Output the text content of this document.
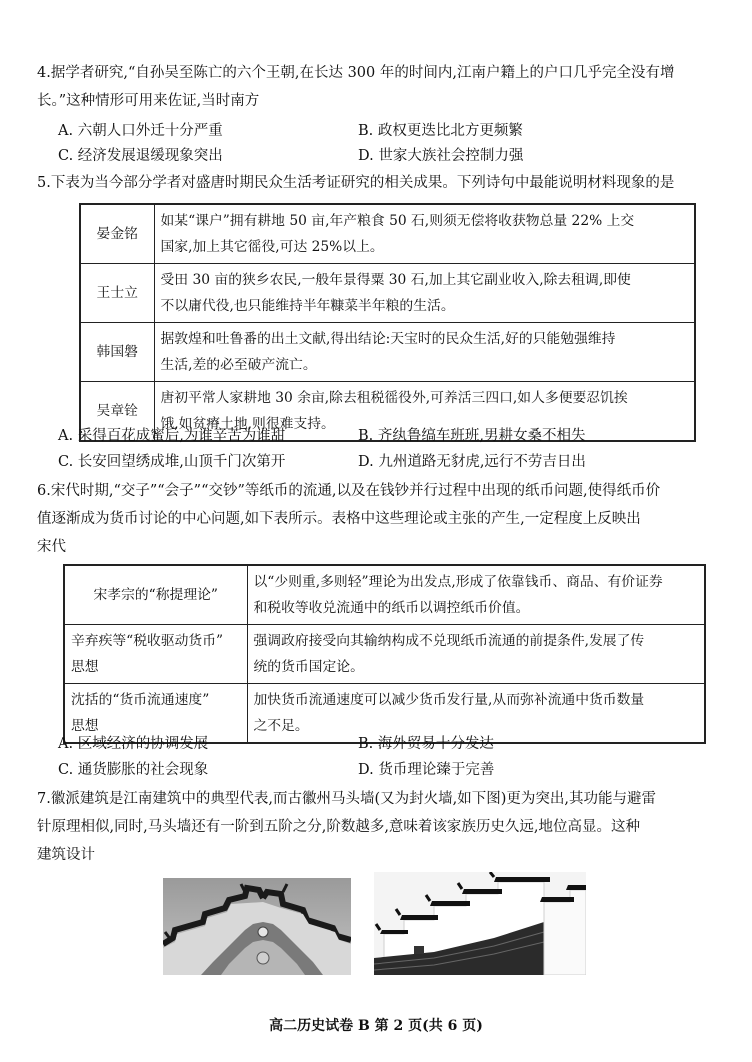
4.据学者研究,“自孙吴至陈亡的六个王朝,在长达 300 年的时间内,江南户籍上的户口几乎完全没有增
长。”这种情形可用来佐证,当时南方
A. 六朝人口外迁十分严重	B. 政权更迭比北方更频繁
C. 经济发展退缓现象突出	D. 世家大族社会控制力强
5.下表为当今部分学者对盛唐时期民众生活考证研究的相关成果。下列诗句中最能说明材料现象的是
晏金铭	如某“课户”拥有耕地 50 亩,年产粮食 50 石,则须无偿将收获物总量 22% 上交
国家,加上其它徭役,可达 25%以上。
王士立	受田 30 亩的狭乡农民,一般年景得粟 30 石,加上其它副业收入,除去租调,即使
不以庸代役,也只能维持半年糠菜半年粮的生活。
韩国磐	据敦煌和吐鲁番的出土文献,得出结论:天宝时的民众生活,好的只能勉强维持
生活,差的必至破产流亡。
吴章铨	唐初平常人家耕地 30 余亩,除去租税徭役外,可养活三四口,如人多便要忍饥挨
饿,如贫瘠土地,则很难支持。
A. 采得百花成蜜后,为谁辛苦为谁甜	B. 齐纨鲁缟车班班,男耕女桑不相失
C. 长安回望绣成堆,山顶千门次第开	D. 九州道路无豺虎,远行不劳吉日出
6.宋代时期,“交子”“会子”“交钞”等纸币的流通,以及在钱钞并行过程中出现的纸币问题,使得纸币价
值逐渐成为货币讨论的中心问题,如下表所示。表格中这些理论或主张的产生,一定程度上反映出
宋代
宋孝宗的“称提理论”	以“少则重,多则轻”理论为出发点,形成了依靠钱币、商品、有价证券
和税收等收兑流通中的纸币以调控纸币价值。
辛弃疾等“税收驱动货币”
思想	强调政府接受向其输纳构成不兑现纸币流通的前提条件,发展了传
统的货币国定论。
沈括的“货币流通速度”
思想	加快货币流通速度可以减少货币发行量,从而弥补流通中货币数量
之不足。
A. 区域经济的协调发展	B. 海外贸易十分发达
C. 通货膨胀的社会现象	D. 货币理论臻于完善
7.徽派建筑是江南建筑中的典型代表,而古徽州马头墙(又为封火墙,如下图)更为突出,其功能与避雷
针原理相似,同时,马头墙还有一阶到五阶之分,阶数越多,意味着该家族历史久远,地位高显。这种
建筑设计
高二历史试卷 B 第 2 页(共 6 页)
